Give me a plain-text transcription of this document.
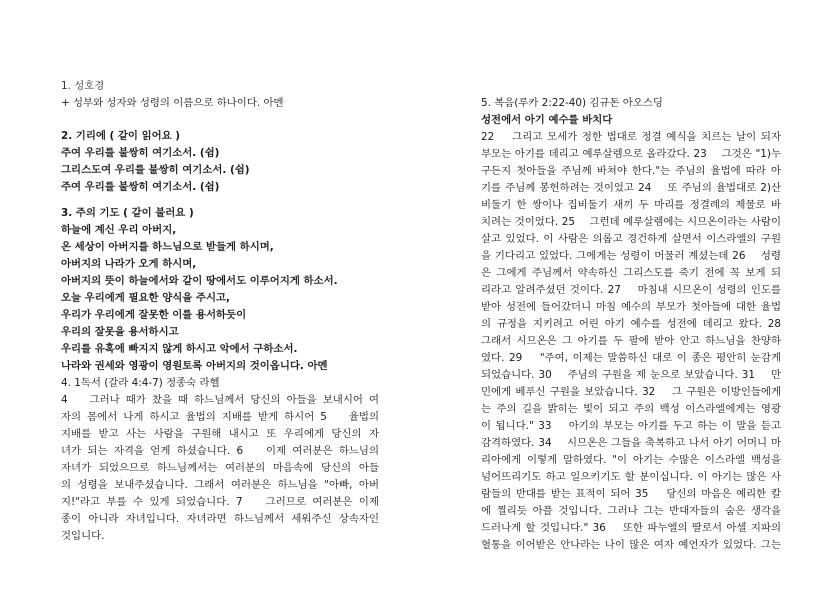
1. 성호경
+ 성부와 성자와 성령의 이름으로 하나이다. 아멘
2. 기리에 ( 같이 읽어요 )
주여 우리를 불쌍히 여기소서. (쉼)
그리스도여 우리를 불쌍히 여기소서. (쉼)
주여 우리를 불쌍히 여기소서. (쉼)
3. 주의 기도 ( 같이 불러요 )
하늘에 계신 우리 아버지,
온 세상이 아버지를 하느님으로 받들게 하시며,
아버지의 나라가 오게 하시며,
아버지의 뜻이 하늘에서와 같이 땅에서도 이루어지게 하소서.
오늘 우리에게 필요한 양식을 주시고,
우리가 우리에게 잘못한 이를 용서하듯이
우리의 잘못을 용서하시고
우리를 유혹에 빠지지 않게 하시고 악에서 구하소서.
나라와 권세와 영광이 영원토록 아버지의 것이옵니다. 아멘
4. 1독서 (갈라 4:4-7) 정종숙 라헬
4　 그러나 때가 찼을 때 하느님께서 당신의 아들을 보내시어 여
자의 몸에서 나게 하시고 율법의 지배를 받게 하시어 5　 율법의
지배를 받고 사는 사람을 구원해 내시고 또 우리에게 당신의 자
녀가 되는 자격을 얻게 하셨습니다. 6　 이제 여러분은 하느님의
자녀가 되었으므로 하느님께서는 여러분의 마음속에 당신의 아들
의 성령을 보내주셨습니다. 그래서 여러분은 하느님을 "아빠, 아버
지!"라고 부를 수 있게 되었습니다. 7　 그러므로 여러분은 이제
종이 아니라 자녀입니다. 자녀라면 하느님께서 세워주신 상속자인
것입니다.
5. 복음(루카 2:22-40) 김규돈 아오스딩
성전에서 아기 예수를 바치다
22　 그리고 모세가 정한 법대로 정결 예식을 치르는 날이 되자
부모는 아기를 데리고 예루살렘으로 올라갔다. 23　 그것은 "1)누
구든지 첫아들을 주님께 바쳐야 한다."는 주님의 율법에 따라 아
기를 주님께 봉헌하려는 것이었고 24　 또 주님의 율법대로 2)산
비둘기 한 쌍이나 집비둘기 새끼 두 마리를 정결례의 제물로 바
치려는 것이었다. 25　 그런데 예루살렘에는 시므온이라는 사람이
살고 있었다. 이 사람은 의롭고 경건하게 살면서 이스라엘의 구원
을 기다리고 있었다. 그에게는 성령이 머물러 계셨는데 26　 성령
은 그에게 주님께서 약속하신 그리스도를 죽기 전에 꼭 보게 되
리라고 알려주셨던 것이다. 27　 마침내 시므온이 성령의 인도를
받아 성전에 들어갔더니 마침 예수의 부모가 첫아들에 대한 율법
의 규정을 지키려고 어린 아기 예수를 성전에 데리고 왔다. 28
그래서 시므온은 그 아기를 두 팔에 받아 안고 하느님을 찬양하
였다. 29　 "주여, 이제는 말씀하신 대로 이 종은 평안히 눈감게
되었습니다. 30　 주님의 구원을 제 눈으로 보았습니다. 31　 만
민에게 베푸신 구원을 보았습니다. 32　 그 구원은 이방인들에게
는 주의 길을 밝히는 빛이 되고 주의 백성 이스라엘에게는 영광
이 됩니다." 33　 아기의 부모는 아기를 두고 하는 이 말을 듣고
감격하였다. 34　 시므온은 그들을 축복하고 나서 아기 어머니 마
리아에게 이렇게 말하였다. "이 아기는 수많은 이스라엘 백성을
넘어뜨리기도 하고 일으키기도 할 분이십니다. 이 아기는 많은 사
람들의 반대를 받는 표적이 되어 35　 당신의 마음은 예리한 칼
에 찔리듯 아플 것입니다. 그러나 그는 반대자들의 숨은 생각을
드러나게 할 것입니다." 36　 또한 파누엘의 딸로서 아셀 지파의
혈통을 이어받은 안나라는 나이 많은 여자 예언자가 있었다. 그는
